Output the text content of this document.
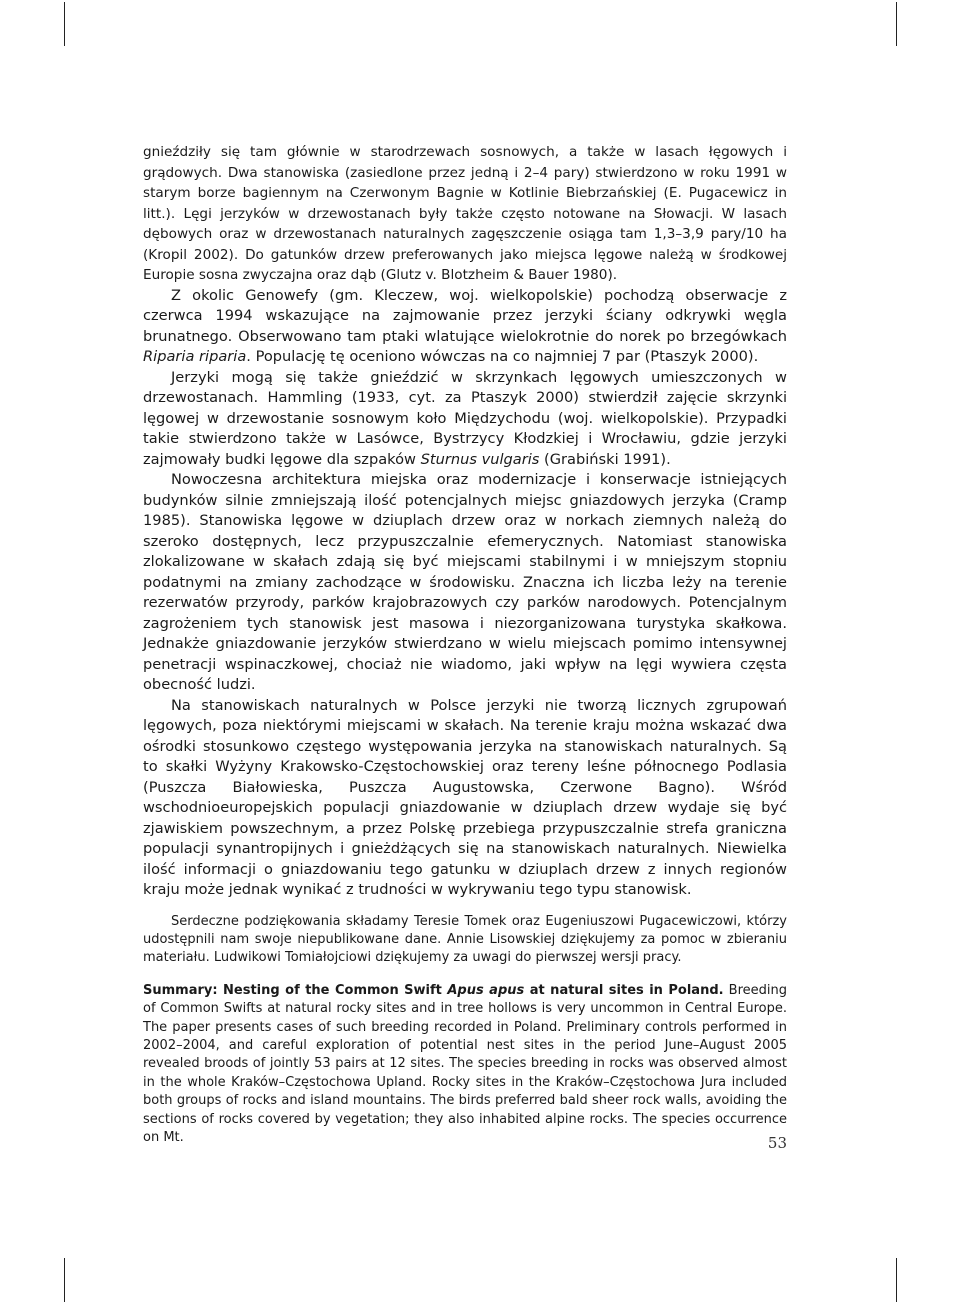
gnieździły się tam głównie w starodrzewach sosnowych, a także w lasach łęgowych i grądowych. Dwa stanowiska (zasiedlone przez jedną i 2–4 pary) stwierdzono w roku 1991 w starym borze bagiennym na Czerwonym Bagnie w Kotlinie Biebrzańskiej (E. Pugacewicz in litt.). Lęgi jerzyków w drzewostanach były także często notowane na Słowacji. W lasach dębowych oraz w drzewostanach naturalnych zagęszczenie osiąga tam 1,3–3,9 pary/10 ha (Kropil 2002). Do gatunków drzew preferowanych jako miejsca lęgowe należą w środkowej Europie sosna zwyczajna oraz dąb (Glutz v. Blotzheim & Bauer 1980).

Z okolic Genowefy (gm. Kleczew, woj. wielkopolskie) pochodzą obserwacje z czerwca 1994 wskazujące na zajmowanie przez jerzyki ściany odkrywki węgla brunatnego. Obserwowano tam ptaki wlatujące wielokrotnie do norek po brzegówkach Riparia riparia. Populację tę oceniono wówczas na co najmniej 7 par (Ptaszyk 2000).

Jerzyki mogą się także gnieździć w skrzynkach lęgowych umieszczonych w drzewostanach. Hammling (1933, cyt. za Ptaszyk 2000) stwierdził zajęcie skrzynki lęgowej w drzewostanie sosnowym koło Międzychodu (woj. wielkopolskie). Przypadki takie stwierdzono także w Lasówce, Bystrzycy Kłodzkiej i Wrocławiu, gdzie jerzyki zajmowały budki lęgowe dla szpaków Sturnus vulgaris (Grabiński 1991).

Nowoczesna architektura miejska oraz modernizacje i konserwacje istniejących budynków silnie zmniejszają ilość potencjalnych miejsc gniazdowych jerzyka (Cramp 1985). Stanowiska lęgowe w dziuplach drzew oraz w norkach ziemnych należą do szeroko dostępnych, lecz przypuszczalnie efemerycznych. Natomiast stanowiska zlokalizowane w skałach zdają się być miejscami stabilnymi i w mniejszym stopniu podatnymi na zmiany zachodzące w środowisku. Znaczna ich liczba leży na terenie rezerwatów przyrody, parków krajobrazowych czy parków narodowych. Potencjalnym zagrożeniem tych stanowisk jest masowa i niezorganizowana turystyka skałkowa. Jednakże gniazdowanie jerzyków stwierdzano w wielu miejscach pomimo intensywnej penetracji wspinaczkowej, chociaż nie wiadomo, jaki wpływ na lęgi wywiera częsta obecność ludzi.

Na stanowiskach naturalnych w Polsce jerzyki nie tworzą licznych zgrupowań lęgowych, poza niektórymi miejscami w skałach. Na terenie kraju można wskazać dwa ośrodki stosunkowo częstego występowania jerzyka na stanowiskach naturalnych. Są to skałki Wyżyny Krakowsko-Częstochowskiej oraz tereny leśne północnego Podlasia (Puszcza Białowieska, Puszcza Augustowska, Czerwone Bagno). Wśród wschodnioeuropejskich populacji gniazdowanie w dziuplach drzew wydaje się być zjawiskiem powszechnym, a przez Polskę przebiega przypuszczalnie strefa graniczna populacji synantropijnych i gnieżdżących się na stanowiskach naturalnych. Niewielka ilość informacji o gniazdowaniu tego gatunku w dziuplach drzew z innych regionów kraju może jednak wynikać z trudności w wykrywaniu tego typu stanowisk.

Serdeczne podziękowania składamy Teresie Tomek oraz Eugeniuszowi Pugacewiczowi, którzy udostępnili nam swoje niepublikowane dane. Annie Lisowskiej dziękujemy za pomoc w zbieraniu materiału. Ludwikowi Tomiałojciowi dziękujemy za uwagi do pierwszej wersji pracy.

Summary: Nesting of the Common Swift Apus apus at natural sites in Poland. Breeding of Common Swifts at natural rocky sites and in tree hollows is very uncommon in Central Europe. The paper presents cases of such breeding recorded in Poland. Preliminary controls performed in 2002–2004, and careful exploration of potential nest sites in the period June–August 2005 revealed broods of jointly 53 pairs at 12 sites. The species breeding in rocks was observed almost in the whole Kraków–Częstochowa Upland. Rocky sites in the Kraków–Częstochowa Jura included both groups of rocks and island mountains. The birds preferred bald sheer rock walls, avoiding the sections of rocks covered by vegetation; they also inhabited alpine rocks. The species occurrence on Mt.	53
